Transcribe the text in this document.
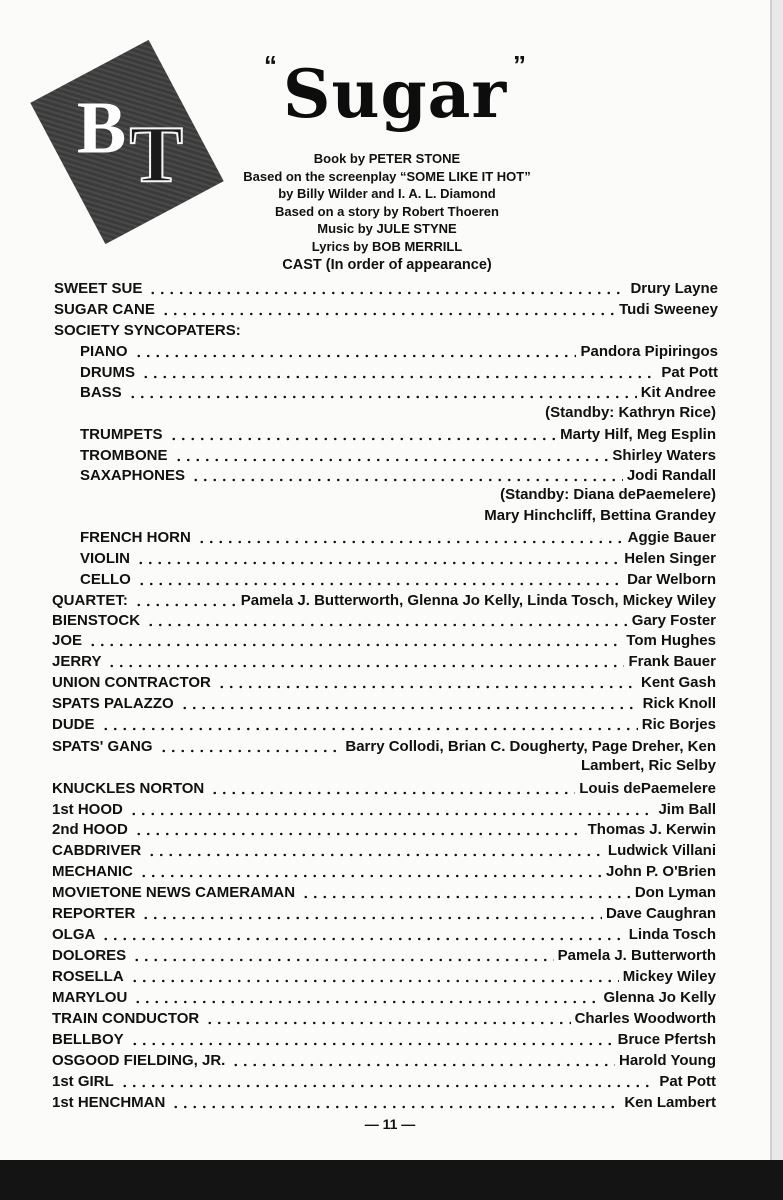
B T
“ Sugar ”
Book by PETER STONE
Based on the screenplay “SOME LIKE IT HOT”
by Billy Wilder and I. A. L. Diamond
Based on a story by Robert Thoeren
Music by JULE STYNE
Lyrics by BOB MERRILL
CAST (In order of appearance)
SWEET SUE	Drury Layne
SUGAR CANE	Tudi Sweeney
SOCIETY SYNCOPATERS:
PIANO	Pandora Pipiringos
DRUMS	Pat Pott
BASS	Kit Andree
(Standby: Kathryn Rice)
TRUMPETS	Marty Hilf, Meg Esplin
TROMBONE	Shirley Waters
SAXAPHONES	Jodi Randall
(Standby: Diana dePaemelere)
Mary Hinchcliff, Bettina Grandey
FRENCH HORN	Aggie Bauer
VIOLIN	Helen Singer
CELLO	Dar Welborn
QUARTET:	Pamela J. Butterworth, Glenna Jo Kelly, Linda Tosch, Mickey Wiley
BIENSTOCK	Gary Foster
JOE	Tom Hughes
JERRY	Frank Bauer
UNION CONTRACTOR	Kent Gash
SPATS PALAZZO	Rick Knoll
DUDE	Ric Borjes
SPATS' GANG	Barry Collodi, Brian C. Dougherty, Page Dreher, Ken
Lambert, Ric Selby
KNUCKLES NORTON	Louis dePaemelere
1st HOOD	Jim Ball
2nd HOOD	Thomas J. Kerwin
CABDRIVER	Ludwick Villani
MECHANIC	John P. O'Brien
MOVIETONE NEWS CAMERAMAN	Don Lyman
REPORTER	Dave Caughran
OLGA	Linda Tosch
DOLORES	Pamela J. Butterworth
ROSELLA	Mickey Wiley
MARYLOU	Glenna Jo Kelly
TRAIN CONDUCTOR	Charles Woodworth
BELLBOY	Bruce Pfertsh
OSGOOD FIELDING, JR.	Harold Young
1st GIRL	Pat Pott
1st HENCHMAN	Ken Lambert
— 11 —
